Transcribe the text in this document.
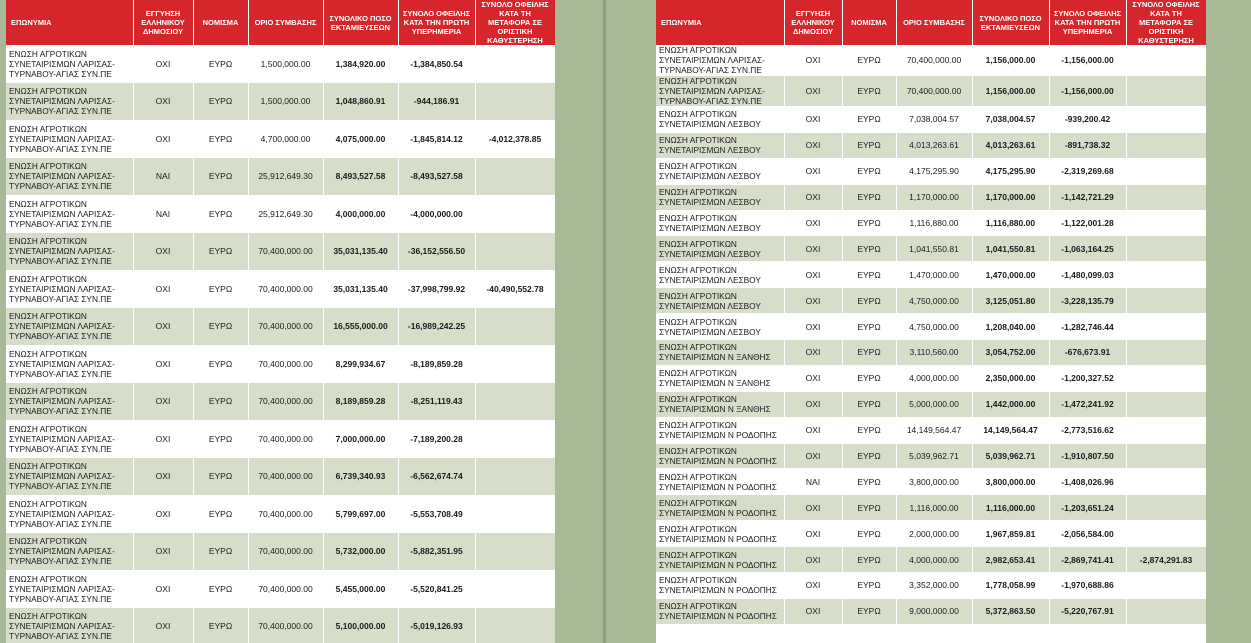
ΕΠΩΝΥΜΙΑ	ΕΓΓΥΗΣΗ ΕΛΛΗΝΙΚΟΥ ΔΗΜΟΣΙΟΥ	ΝΟΜΙΣΜΑ	ΟΡΙΟ ΣΥΜΒΑΣΗΣ	ΣΥΝΟΛΙΚΟ ΠΟΣΟ ΕΚΤΑΜΙΕΥΣΕΩΝ	ΣΥΝΟΛΟ ΟΦΕΙΛΗΣ ΚΑΤΑ ΤΗΝ ΠΡΩΤΗ ΥΠΕΡΗΜΕΡΙΑ	ΣΥΝΟΛΟ ΟΦΕΙΛΗΣ ΚΑΤΑ ΤΗ ΜΕΤΑΦΟΡΑ ΣΕ ΟΡΙΣΤΙΚΗ ΚΑΘΥΣΤΕΡΗΣΗ
ΕΝΩΣΗ ΑΓΡΟΤΙΚΩΝ ΣΥΝΕΤΑΙΡΙΣΜΩΝ ΛΑΡΙΣΑΣ-ΤΥΡΝΑΒΟΥ-ΑΓΙΑΣ ΣΥΝ.ΠΕ	ΟΧΙ	ΕΥΡΩ	1,500,000.00	1,384,920.00	-1,384,850.54	
ΕΝΩΣΗ ΑΓΡΟΤΙΚΩΝ ΣΥΝΕΤΑΙΡΙΣΜΩΝ ΛΑΡΙΣΑΣ-ΤΥΡΝΑΒΟΥ-ΑΓΙΑΣ ΣΥΝ.ΠΕ	ΟΧΙ	ΕΥΡΩ	1,500,000.00	1,048,860.91	-944,186.91	
ΕΝΩΣΗ ΑΓΡΟΤΙΚΩΝ ΣΥΝΕΤΑΙΡΙΣΜΩΝ ΛΑΡΙΣΑΣ-ΤΥΡΝΑΒΟΥ-ΑΓΙΑΣ ΣΥΝ.ΠΕ	ΟΧΙ	ΕΥΡΩ	4,700,000.00	4,075,000.00	-1,845,814.12	-4,012,378.85
ΕΝΩΣΗ ΑΓΡΟΤΙΚΩΝ ΣΥΝΕΤΑΙΡΙΣΜΩΝ ΛΑΡΙΣΑΣ-ΤΥΡΝΑΒΟΥ-ΑΓΙΑΣ ΣΥΝ.ΠΕ	ΝΑΙ	ΕΥΡΩ	25,912,649.30	8,493,527.58	-8,493,527.58	
ΕΝΩΣΗ ΑΓΡΟΤΙΚΩΝ ΣΥΝΕΤΑΙΡΙΣΜΩΝ ΛΑΡΙΣΑΣ-ΤΥΡΝΑΒΟΥ-ΑΓΙΑΣ ΣΥΝ.ΠΕ	ΝΑΙ	ΕΥΡΩ	25,912,649.30	4,000,000.00	-4,000,000.00	
ΕΝΩΣΗ ΑΓΡΟΤΙΚΩΝ ΣΥΝΕΤΑΙΡΙΣΜΩΝ ΛΑΡΙΣΑΣ-ΤΥΡΝΑΒΟΥ-ΑΓΙΑΣ ΣΥΝ.ΠΕ	ΟΧΙ	ΕΥΡΩ	70,400,000.00	35,031,135.40	-36,152,556.50	
ΕΝΩΣΗ ΑΓΡΟΤΙΚΩΝ ΣΥΝΕΤΑΙΡΙΣΜΩΝ ΛΑΡΙΣΑΣ-ΤΥΡΝΑΒΟΥ-ΑΓΙΑΣ ΣΥΝ.ΠΕ	ΟΧΙ	ΕΥΡΩ	70,400,000.00	35,031,135.40	-37,998,799.92	-40,490,552.78
ΕΝΩΣΗ ΑΓΡΟΤΙΚΩΝ ΣΥΝΕΤΑΙΡΙΣΜΩΝ ΛΑΡΙΣΑΣ-ΤΥΡΝΑΒΟΥ-ΑΓΙΑΣ ΣΥΝ.ΠΕ	ΟΧΙ	ΕΥΡΩ	70,400,000.00	16,555,000.00	-16,989,242.25	
ΕΝΩΣΗ ΑΓΡΟΤΙΚΩΝ ΣΥΝΕΤΑΙΡΙΣΜΩΝ ΛΑΡΙΣΑΣ-ΤΥΡΝΑΒΟΥ-ΑΓΙΑΣ ΣΥΝ.ΠΕ	ΟΧΙ	ΕΥΡΩ	70,400,000.00	8,299,934.67	-8,189,859.28	
ΕΝΩΣΗ ΑΓΡΟΤΙΚΩΝ ΣΥΝΕΤΑΙΡΙΣΜΩΝ ΛΑΡΙΣΑΣ-ΤΥΡΝΑΒΟΥ-ΑΓΙΑΣ ΣΥΝ.ΠΕ	ΟΧΙ	ΕΥΡΩ	70,400,000.00	8,189,859.28	-8,251,119.43	
ΕΝΩΣΗ ΑΓΡΟΤΙΚΩΝ ΣΥΝΕΤΑΙΡΙΣΜΩΝ ΛΑΡΙΣΑΣ-ΤΥΡΝΑΒΟΥ-ΑΓΙΑΣ ΣΥΝ.ΠΕ	ΟΧΙ	ΕΥΡΩ	70,400,000.00	7,000,000.00	-7,189,200.28	
ΕΝΩΣΗ ΑΓΡΟΤΙΚΩΝ ΣΥΝΕΤΑΙΡΙΣΜΩΝ ΛΑΡΙΣΑΣ-ΤΥΡΝΑΒΟΥ-ΑΓΙΑΣ ΣΥΝ.ΠΕ	ΟΧΙ	ΕΥΡΩ	70,400,000.00	6,739,340.93	-6,562,674.74	
ΕΝΩΣΗ ΑΓΡΟΤΙΚΩΝ ΣΥΝΕΤΑΙΡΙΣΜΩΝ ΛΑΡΙΣΑΣ-ΤΥΡΝΑΒΟΥ-ΑΓΙΑΣ ΣΥΝ.ΠΕ	ΟΧΙ	ΕΥΡΩ	70,400,000.00	5,799,697.00	-5,553,708.49	
ΕΝΩΣΗ ΑΓΡΟΤΙΚΩΝ ΣΥΝΕΤΑΙΡΙΣΜΩΝ ΛΑΡΙΣΑΣ-ΤΥΡΝΑΒΟΥ-ΑΓΙΑΣ ΣΥΝ.ΠΕ	ΟΧΙ	ΕΥΡΩ	70,400,000.00	5,732,000.00	-5,882,351.95	
ΕΝΩΣΗ ΑΓΡΟΤΙΚΩΝ ΣΥΝΕΤΑΙΡΙΣΜΩΝ ΛΑΡΙΣΑΣ-ΤΥΡΝΑΒΟΥ-ΑΓΙΑΣ ΣΥΝ.ΠΕ	ΟΧΙ	ΕΥΡΩ	70,400,000.00	5,455,000.00	-5,520,841.25	
ΕΝΩΣΗ ΑΓΡΟΤΙΚΩΝ ΣΥΝΕΤΑΙΡΙΣΜΩΝ ΛΑΡΙΣΑΣ-ΤΥΡΝΑΒΟΥ-ΑΓΙΑΣ ΣΥΝ.ΠΕ	ΟΧΙ	ΕΥΡΩ	70,400,000.00	5,100,000.00	-5,019,126.93	
ΕΠΩΝΥΜΙΑ	ΕΓΓΥΗΣΗ ΕΛΛΗΝΙΚΟΥ ΔΗΜΟΣΙΟΥ	ΝΟΜΙΣΜΑ	ΟΡΙΟ ΣΥΜΒΑΣΗΣ	ΣΥΝΟΛΙΚΟ ΠΟΣΟ ΕΚΤΑΜΙΕΥΣΕΩΝ	ΣΥΝΟΛΟ ΟΦΕΙΛΗΣ ΚΑΤΑ ΤΗΝ ΠΡΩΤΗ ΥΠΕΡΗΜΕΡΙΑ	ΣΥΝΟΛΟ ΟΦΕΙΛΗΣ ΚΑΤΑ ΤΗ ΜΕΤΑΦΟΡΑ ΣΕ ΟΡΙΣΤΙΚΗ ΚΑΘΥΣΤΕΡΗΣΗ
ΕΝΩΣΗ ΑΓΡΟΤΙΚΩΝ ΣΥΝΕΤΑΙΡΙΣΜΩΝ ΛΑΡΙΣΑΣ-ΤΥΡΝΑΒΟΥ-ΑΓΙΑΣ ΣΥΝ.ΠΕ	ΟΧΙ	ΕΥΡΩ	70,400,000.00	1,156,000.00	-1,156,000.00	
ΕΝΩΣΗ ΑΓΡΟΤΙΚΩΝ ΣΥΝΕΤΑΙΡΙΣΜΩΝ ΛΑΡΙΣΑΣ-ΤΥΡΝΑΒΟΥ-ΑΓΙΑΣ ΣΥΝ.ΠΕ	ΟΧΙ	ΕΥΡΩ	70,400,000.00	1,156,000.00	-1,156,000.00	
ΕΝΩΣΗ ΑΓΡΟΤΙΚΩΝ ΣΥΝΕΤΑΙΡΙΣΜΩΝ ΛΕΣΒΟΥ	ΟΧΙ	ΕΥΡΩ	7,038,004.57	7,038,004.57	-939,200.42	
ΕΝΩΣΗ ΑΓΡΟΤΙΚΩΝ ΣΥΝΕΤΑΙΡΙΣΜΩΝ ΛΕΣΒΟΥ	ΟΧΙ	ΕΥΡΩ	4,013,263.61	4,013,263.61	-891,738.32	
ΕΝΩΣΗ ΑΓΡΟΤΙΚΩΝ ΣΥΝΕΤΑΙΡΙΣΜΩΝ ΛΕΣΒΟΥ	ΟΧΙ	ΕΥΡΩ	4,175,295.90	4,175,295.90	-2,319,269.68	
ΕΝΩΣΗ ΑΓΡΟΤΙΚΩΝ ΣΥΝΕΤΑΙΡΙΣΜΩΝ ΛΕΣΒΟΥ	ΟΧΙ	ΕΥΡΩ	1,170,000.00	1,170,000.00	-1,142,721.29	
ΕΝΩΣΗ ΑΓΡΟΤΙΚΩΝ ΣΥΝΕΤΑΙΡΙΣΜΩΝ ΛΕΣΒΟΥ	ΟΧΙ	ΕΥΡΩ	1,116,880.00	1,116,880.00	-1,122,001.28	
ΕΝΩΣΗ ΑΓΡΟΤΙΚΩΝ ΣΥΝΕΤΑΙΡΙΣΜΩΝ ΛΕΣΒΟΥ	ΟΧΙ	ΕΥΡΩ	1,041,550.81	1,041,550.81	-1,063,164.25	
ΕΝΩΣΗ ΑΓΡΟΤΙΚΩΝ ΣΥΝΕΤΑΙΡΙΣΜΩΝ ΛΕΣΒΟΥ	ΟΧΙ	ΕΥΡΩ	1,470,000.00	1,470,000.00	-1,480,099.03	
ΕΝΩΣΗ ΑΓΡΟΤΙΚΩΝ ΣΥΝΕΤΑΙΡΙΣΜΩΝ ΛΕΣΒΟΥ	ΟΧΙ	ΕΥΡΩ	4,750,000.00	3,125,051.80	-3,228,135.79	
ΕΝΩΣΗ ΑΓΡΟΤΙΚΩΝ ΣΥΝΕΤΑΙΡΙΣΜΩΝ ΛΕΣΒΟΥ	ΟΧΙ	ΕΥΡΩ	4,750,000.00	1,208,040.00	-1,282,746.44	
ΕΝΩΣΗ ΑΓΡΟΤΙΚΩΝ ΣΥΝΕΤΑΙΡΙΣΜΩΝ Ν ΞΑΝΘΗΣ	ΟΧΙ	ΕΥΡΩ	3,110,560.00	3,054,752.00	-676,673.91	
ΕΝΩΣΗ ΑΓΡΟΤΙΚΩΝ ΣΥΝΕΤΑΙΡΙΣΜΩΝ Ν ΞΑΝΘΗΣ	ΟΧΙ	ΕΥΡΩ	4,000,000.00	2,350,000.00	-1,200,327.52	
ΕΝΩΣΗ ΑΓΡΟΤΙΚΩΝ ΣΥΝΕΤΑΙΡΙΣΜΩΝ Ν ΞΑΝΘΗΣ	ΟΧΙ	ΕΥΡΩ	5,000,000.00	1,442,000.00	-1,472,241.92	
ΕΝΩΣΗ ΑΓΡΟΤΙΚΩΝ ΣΥΝΕΤΑΙΡΙΣΜΩΝ Ν ΡΟΔΟΠΗΣ	ΟΧΙ	ΕΥΡΩ	14,149,564.47	14,149,564.47	-2,773,516.62	
ΕΝΩΣΗ ΑΓΡΟΤΙΚΩΝ ΣΥΝΕΤΑΙΡΙΣΜΩΝ Ν ΡΟΔΟΠΗΣ	ΟΧΙ	ΕΥΡΩ	5,039,962.71	5,039,962.71	-1,910,807.50	
ΕΝΩΣΗ ΑΓΡΟΤΙΚΩΝ ΣΥΝΕΤΑΙΡΙΣΜΩΝ Ν ΡΟΔΟΠΗΣ	ΝΑΙ	ΕΥΡΩ	3,800,000.00	3,800,000.00	-1,408,026.96	
ΕΝΩΣΗ ΑΓΡΟΤΙΚΩΝ ΣΥΝΕΤΑΙΡΙΣΜΩΝ Ν ΡΟΔΟΠΗΣ	ΟΧΙ	ΕΥΡΩ	1,116,000.00	1,116,000.00	-1,203,651.24	
ΕΝΩΣΗ ΑΓΡΟΤΙΚΩΝ ΣΥΝΕΤΑΙΡΙΣΜΩΝ Ν ΡΟΔΟΠΗΣ	ΟΧΙ	ΕΥΡΩ	2,000,000.00	1,967,859.81	-2,056,584.00	
ΕΝΩΣΗ ΑΓΡΟΤΙΚΩΝ ΣΥΝΕΤΑΙΡΙΣΜΩΝ Ν ΡΟΔΟΠΗΣ	ΟΧΙ	ΕΥΡΩ	4,000,000.00	2,982,653.41	-2,869,741.41	-2,874,291.83
ΕΝΩΣΗ ΑΓΡΟΤΙΚΩΝ ΣΥΝΕΤΑΙΡΙΣΜΩΝ Ν ΡΟΔΟΠΗΣ	ΟΧΙ	ΕΥΡΩ	3,352,000.00	1,778,058.99	-1,970,688.86	
ΕΝΩΣΗ ΑΓΡΟΤΙΚΩΝ ΣΥΝΕΤΑΙΡΙΣΜΩΝ Ν ΡΟΔΟΠΗΣ	ΟΧΙ	ΕΥΡΩ	9,000,000.00	5,372,863.50	-5,220,767.91	
